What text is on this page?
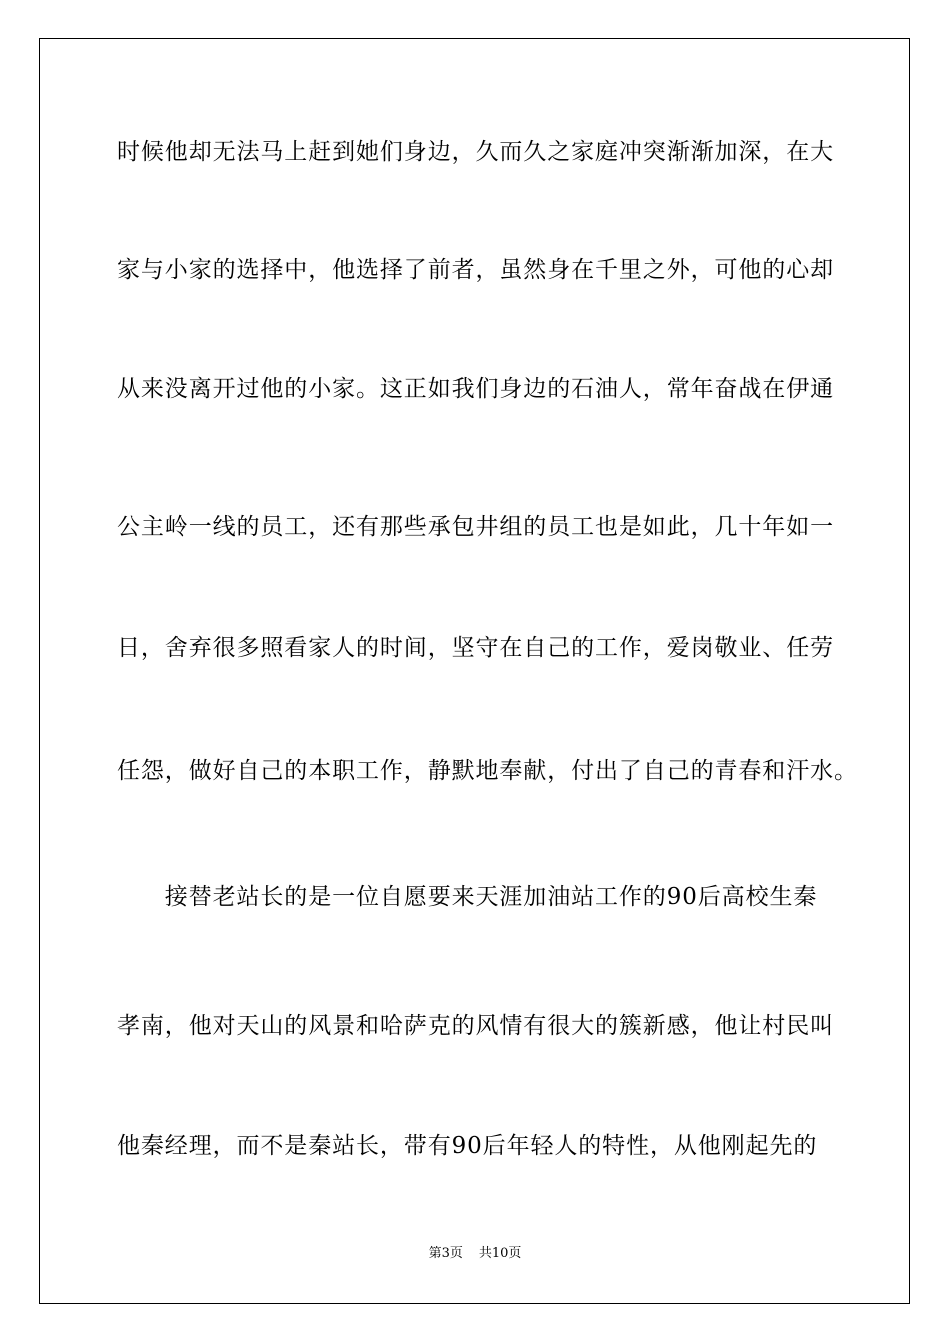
时候他却无法马上赶到她们身边，久而久之家庭冲突渐渐加深，在大
家与小家的选择中，他选择了前者，虽然身在千里之外，可他的心却
从来没离开过他的小家。这正如我们身边的石油人，常年奋战在伊通
公主岭一线的员工，还有那些承包井组的员工也是如此，几十年如一
日，舍弃很多照看家人的时间，坚守在自己的工作，爱岗敬业、任劳
任怨，做好自己的本职工作，静默地奉献，付出了自己的青春和汗水。
　　接替老站长的是一位自愿要来天涯加油站工作的90后高校生秦
孝南，他对天山的风景和哈萨克的风情有很大的簇新感，他让村民叫
他秦经理，而不是秦站长，带有90后年轻人的特性，从他刚起先的
第3页 共10页
